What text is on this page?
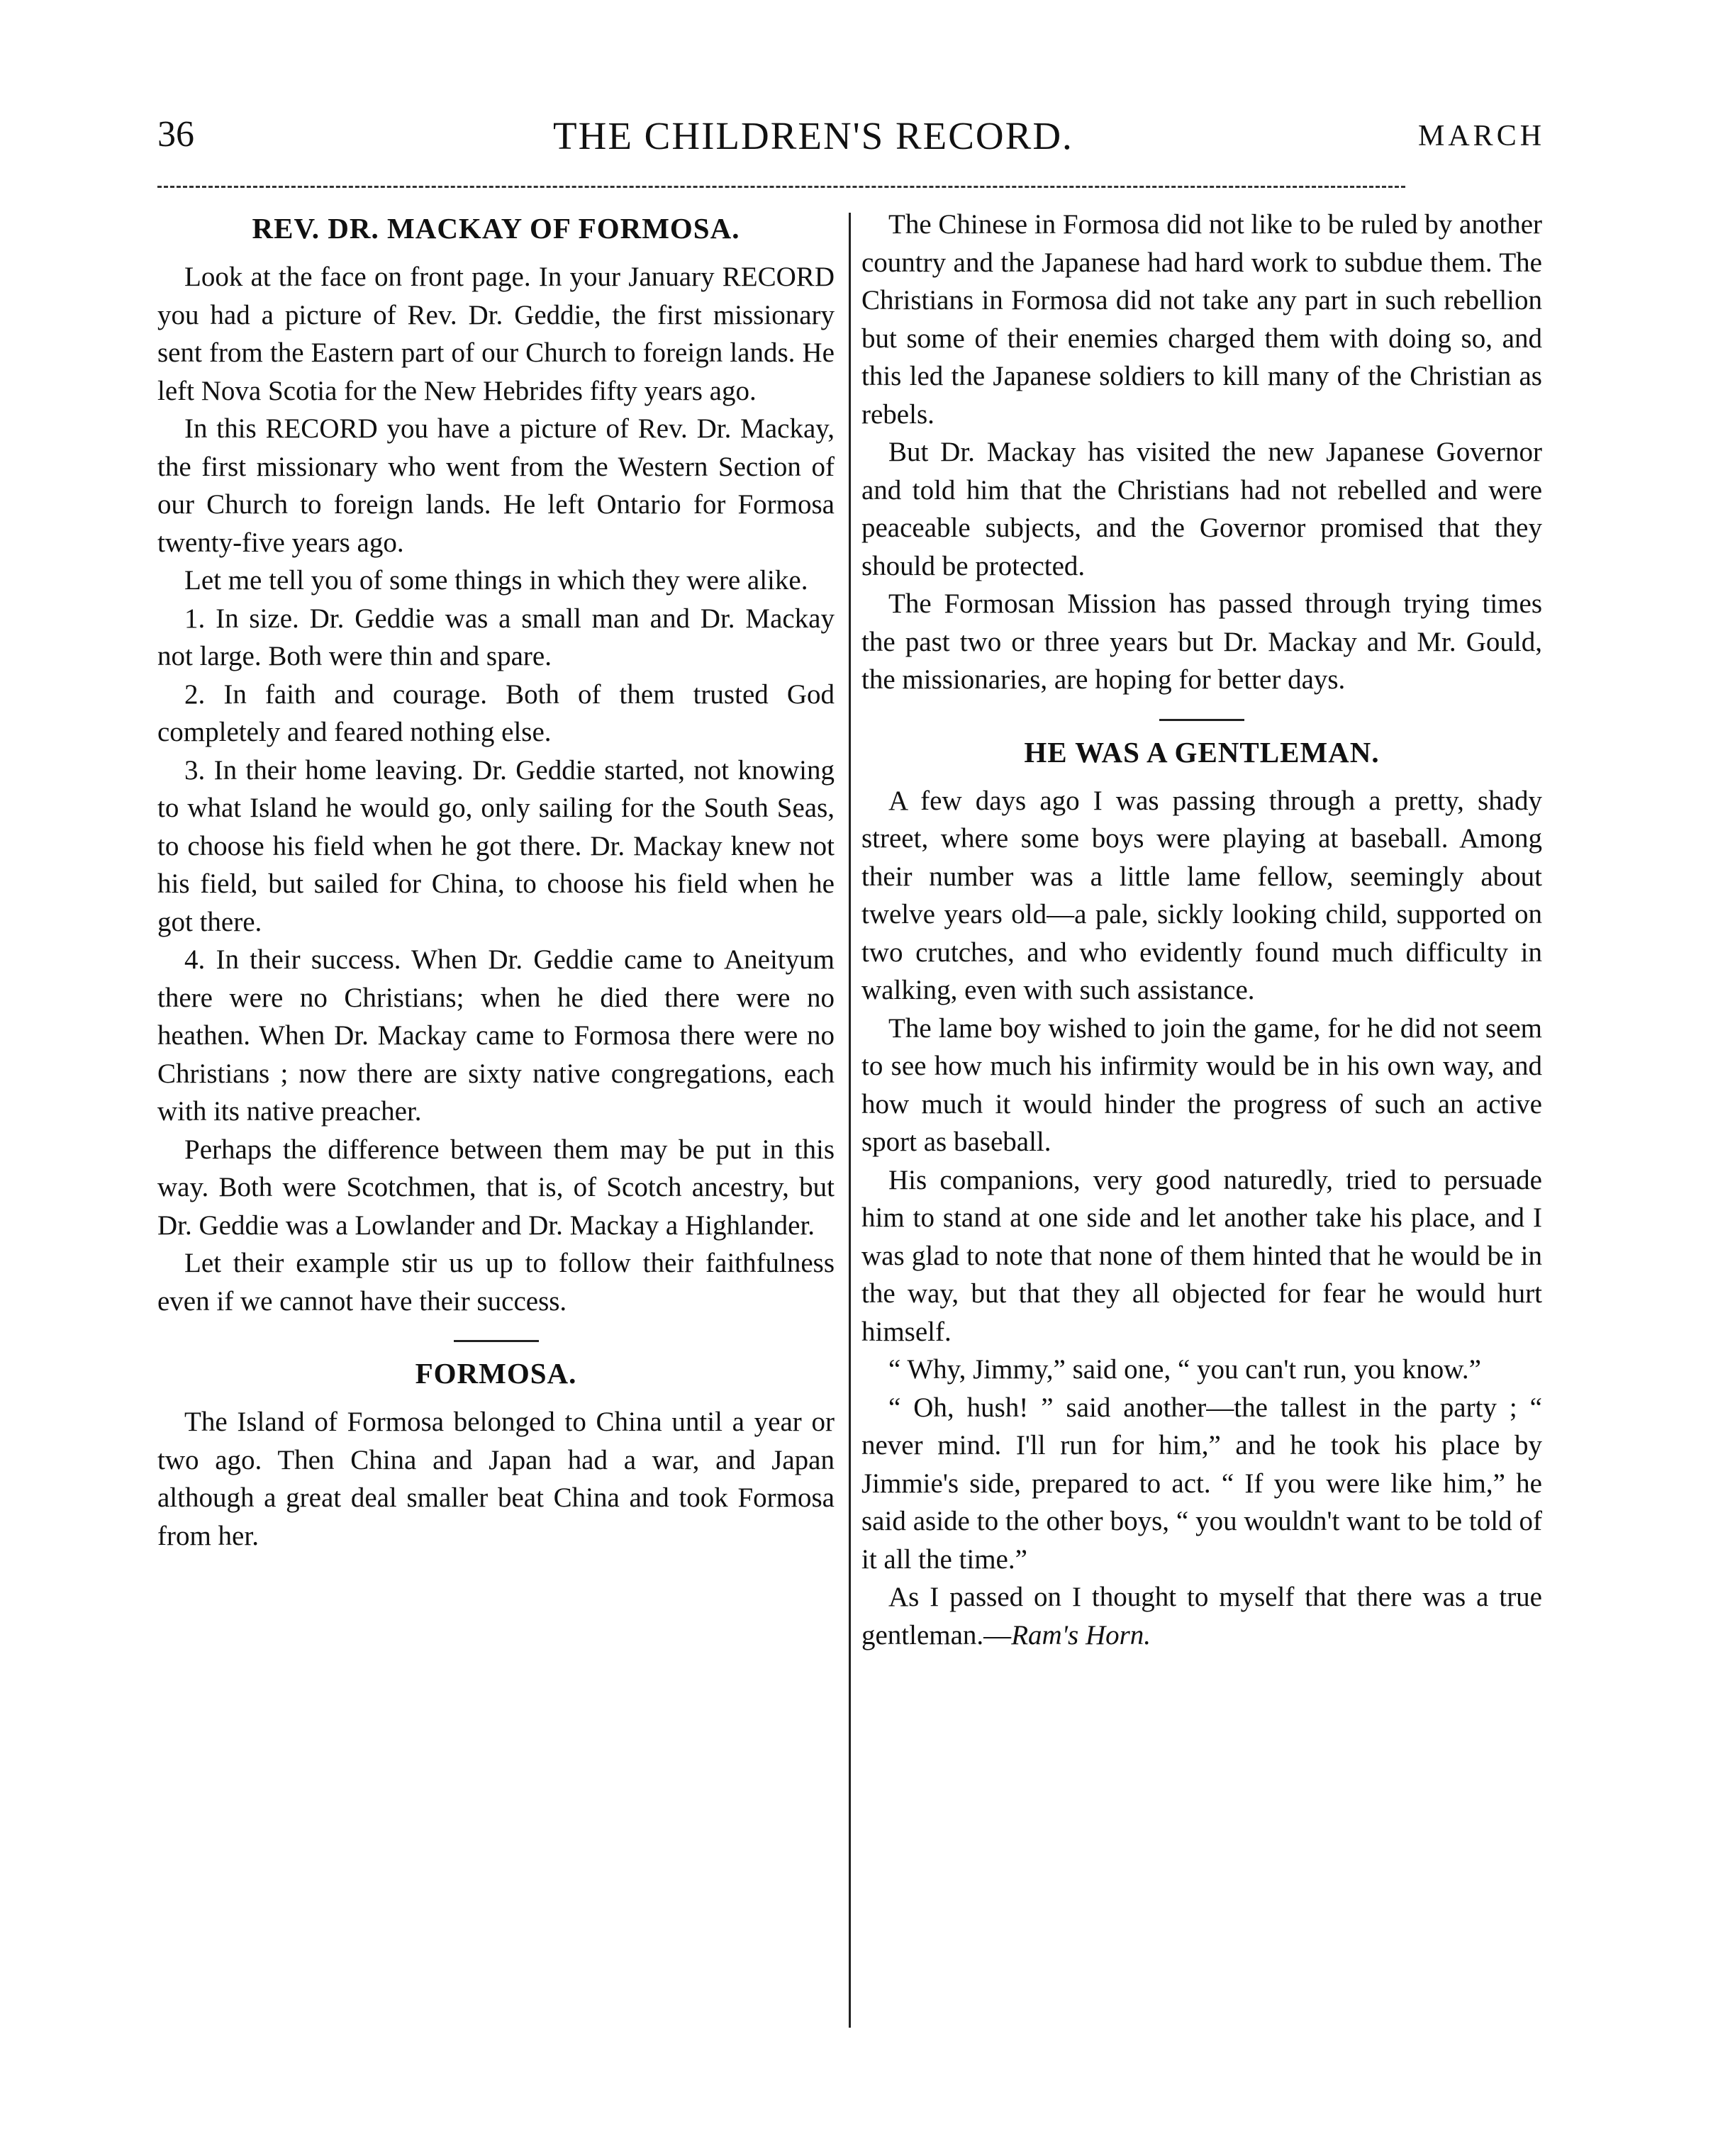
36	THE CHILDREN'S RECORD.	MARCH
REV. DR. MACKAY OF FORMOSA.

Look at the face on front page. In your January RECORD you had a picture of Rev. Dr. Geddie, the first missionary sent from the Eastern part of our Church to foreign lands. He left Nova Scotia for the New Hebrides fifty years ago.

In this RECORD you have a picture of Rev. Dr. Mackay, the first missionary who went from the Western Section of our Church to foreign lands. He left Ontario for Formosa twenty-five years ago.

Let me tell you of some things in which they were alike.

1. In size. Dr. Geddie was a small man and Dr. Mackay not large. Both were thin and spare.

2. In faith and courage. Both of them trusted God completely and feared nothing else.

3. In their home leaving. Dr. Geddie started, not knowing to what Island he would go, only sailing for the South Seas, to choose his field when he got there. Dr. Mackay knew not his field, but sailed for China, to choose his field when he got there.

4. In their success. When Dr. Geddie came to Aneityum there were no Christians; when he died there were no heathen. When Dr. Mackay came to Formosa there were no Christians ; now there are sixty native congregations, each with its native preacher.

Perhaps the difference between them may be put in this way. Both were Scotchmen, that is, of Scotch ancestry, but Dr. Geddie was a Lowlander and Dr. Mackay a Highlander.

Let their example stir us up to follow their faithfulness even if we cannot have their success.

FORMOSA.

The Island of Formosa belonged to China until a year or two ago. Then China and Japan had a war, and Japan although a great deal smaller beat China and took Formosa from her.

The Chinese in Formosa did not like to be ruled by another country and the Japanese had hard work to subdue them. The Christians in Formosa did not take any part in such rebellion but some of their enemies charged them with doing so, and this led the Japanese soldiers to kill many of the Christian as rebels.

But Dr. Mackay has visited the new Japanese Governor and told him that the Christians had not rebelled and were peaceable subjects, and the Governor promised that they should be protected.

The Formosan Mission has passed through trying times the past two or three years but Dr. Mackay and Mr. Gould, the missionaries, are hoping for better days.

HE WAS A GENTLEMAN.

A few days ago I was passing through a pretty, shady street, where some boys were playing at baseball. Among their number was a little lame fellow, seemingly about twelve years old—a pale, sickly looking child, supported on two crutches, and who evidently found much difficulty in walking, even with such assistance.

The lame boy wished to join the game, for he did not seem to see how much his infirmity would be in his own way, and how much it would hinder the progress of such an active sport as baseball.

His companions, very good naturedly, tried to persuade him to stand at one side and let another take his place, and I was glad to note that none of them hinted that he would be in the way, but that they all objected for fear he would hurt himself.

“ Why, Jimmy,” said one, “ you can't run, you know.”

“ Oh, hush! ” said another—the tallest in the party ; “ never mind. I'll run for him,” and he took his place by Jimmie's side, prepared to act. “ If you were like him,” he said aside to the other boys, “ you wouldn't want to be told of it all the time.”

As I passed on I thought to myself that there was a true gentleman.—Ram's Horn.
